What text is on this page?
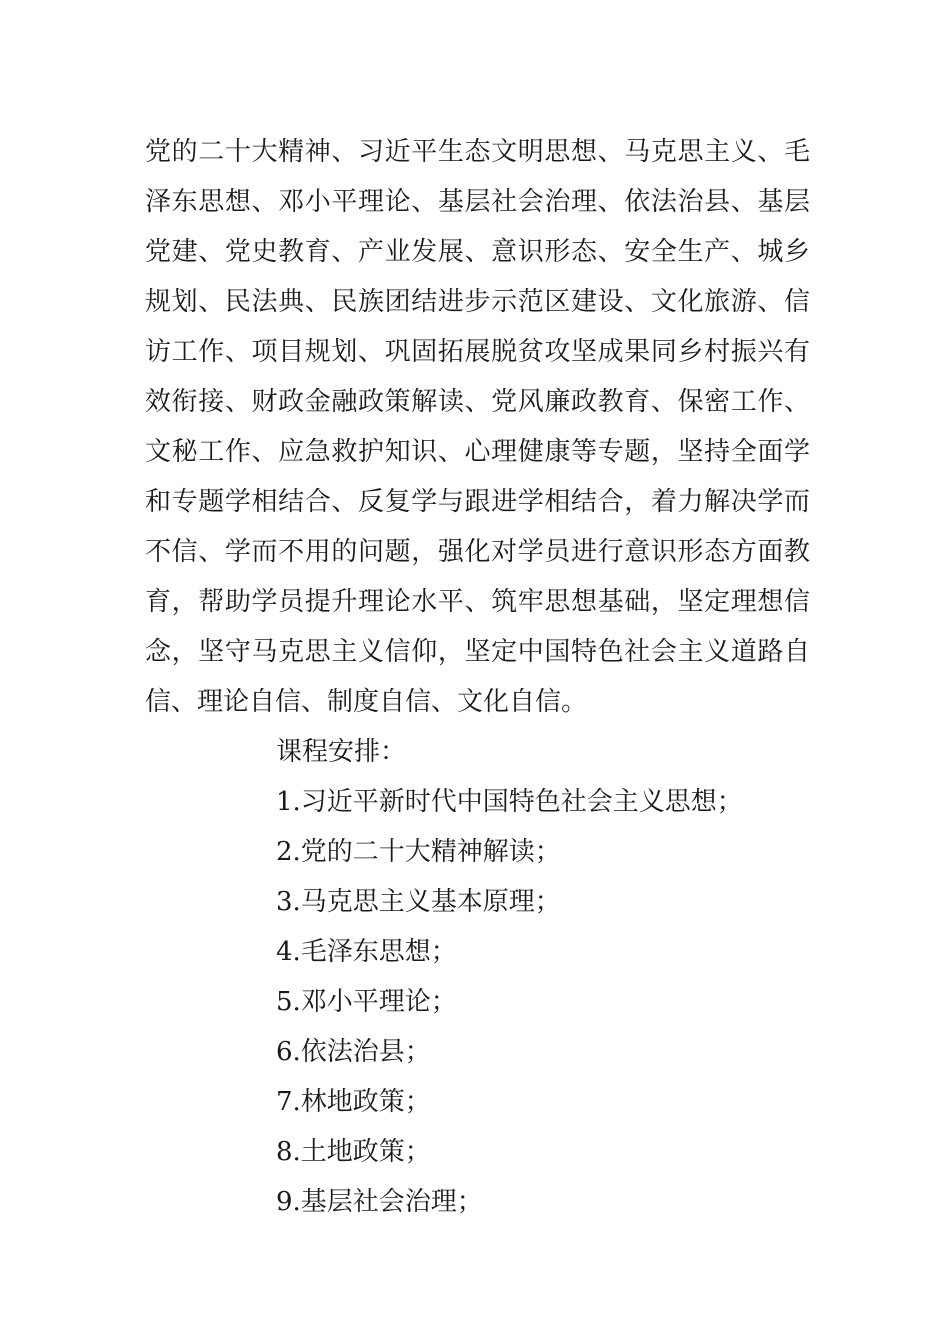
党的二十大精神、习近平生态文明思想、马克思主义、毛
泽东思想、邓小平理论、基层社会治理、依法治县、基层
党建、党史教育、产业发展、意识形态、安全生产、城乡
规划、民法典、民族团结进步示范区建设、文化旅游、信
访工作、项目规划、巩固拓展脱贫攻坚成果同乡村振兴有
效衔接、财政金融政策解读、党风廉政教育、保密工作、
文秘工作、应急救护知识、心理健康等专题，坚持全面学
和专题学相结合、反复学与跟进学相结合，着力解决学而
不信、学而不用的问题，强化对学员进行意识形态方面教
育，帮助学员提升理论水平、筑牢思想基础，坚定理想信
念，坚守马克思主义信仰，坚定中国特色社会主义道路自
信、理论自信、制度自信、文化自信。
课程安排：
1.习近平新时代中国特色社会主义思想；
2.党的二十大精神解读；
3.马克思主义基本原理；
4.毛泽东思想；
5.邓小平理论；
6.依法治县；
7.林地政策；
8.土地政策；
9.基层社会治理；
